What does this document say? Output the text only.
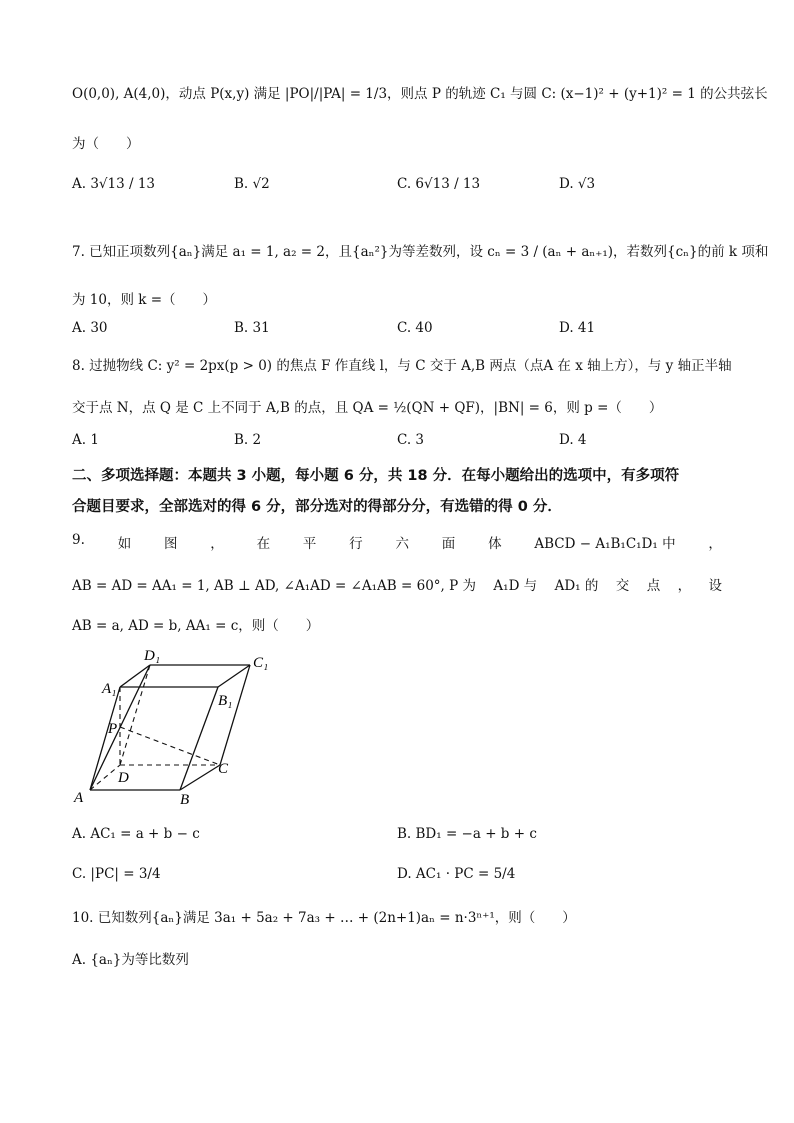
O(0,0), A(4,0)，动点 P(x,y) 满足 |PO|/|PA| = 1/3，则点 P 的轨迹 C₁ 与圆 C: (x−1)² + (y+1)² = 1 的公共弦长
为（　　）
A. 3√13 / 13	B. √2	C. 6√13 / 13	D. √3
7. 已知正项数列{aₙ}满足 a₁ = 1, a₂ = 2，且{aₙ²}为等差数列，设 cₙ = 3 / (aₙ + aₙ₊₁)，若数列{cₙ}的前 k 项和
为 10，则 k =（　　）
A. 30	B. 31	C. 40	D. 41
8. 过抛物线 C: y² = 2px(p > 0) 的焦点 F 作直线 l，与 C 交于 A,B 两点（点A 在 x 轴上方），与 y 轴正半轴
交于点 N，点 Q 是 C 上不同于 A,B 的点，且 QA = ½(QN + QF)，|BN| = 6，则 p =（　　）
A. 1	B. 2	C. 3	D. 4
二、多项选择题：本题共 3 小题，每小题 6 分，共 18 分．在每小题给出的选项中，有多项符
合题目要求，全部选对的得 6 分，部分选对的得部分分，有选错的得 0 分．
9. 如 图 ， 在 平 行 六 面 体 ABCD − A₁B₁C₁D₁ 中 ，
AB = AD = AA₁ = 1, AB ⊥ AD, ∠A₁AD = ∠A₁AB = 60°, P 为 A₁D 与 AD₁ 的 交 点 ， 设
AB = a, AD = b, AA₁ = c，则（　　）
D₁	C₁
A₁
B₁
P
D
C
A	B
A. AC₁ = a + b − c	B. BD₁ = −a + b + c
C. |PC| = 3/4	D. AC₁ · PC = 5/4
10. 已知数列{aₙ}满足 3a₁ + 5a₂ + 7a₃ + … + (2n+1)aₙ = n·3ⁿ⁺¹，则（　　）
A. {aₙ}为等比数列
